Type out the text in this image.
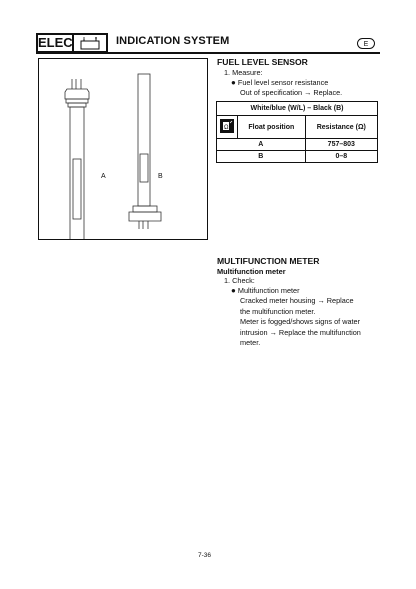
ELEC	INDICATION SYSTEM	E
A	B
FUEL LEVEL SENSOR
1. Measure:
● Fuel level sensor resistance
Out of specification → Replace.
White/blue (W/L) – Black (B)		

Ω	Float position	Resistance (Ω)
A		757–803
B		0–8
MULTIFUNCTION METER
Multifunction meter
1. Check:
● Multifunction meter
Cracked meter housing → Replace
the multifunction meter.
Meter is fogged/shows signs of water
intrusion → Replace the multifunction
meter.
7-36
